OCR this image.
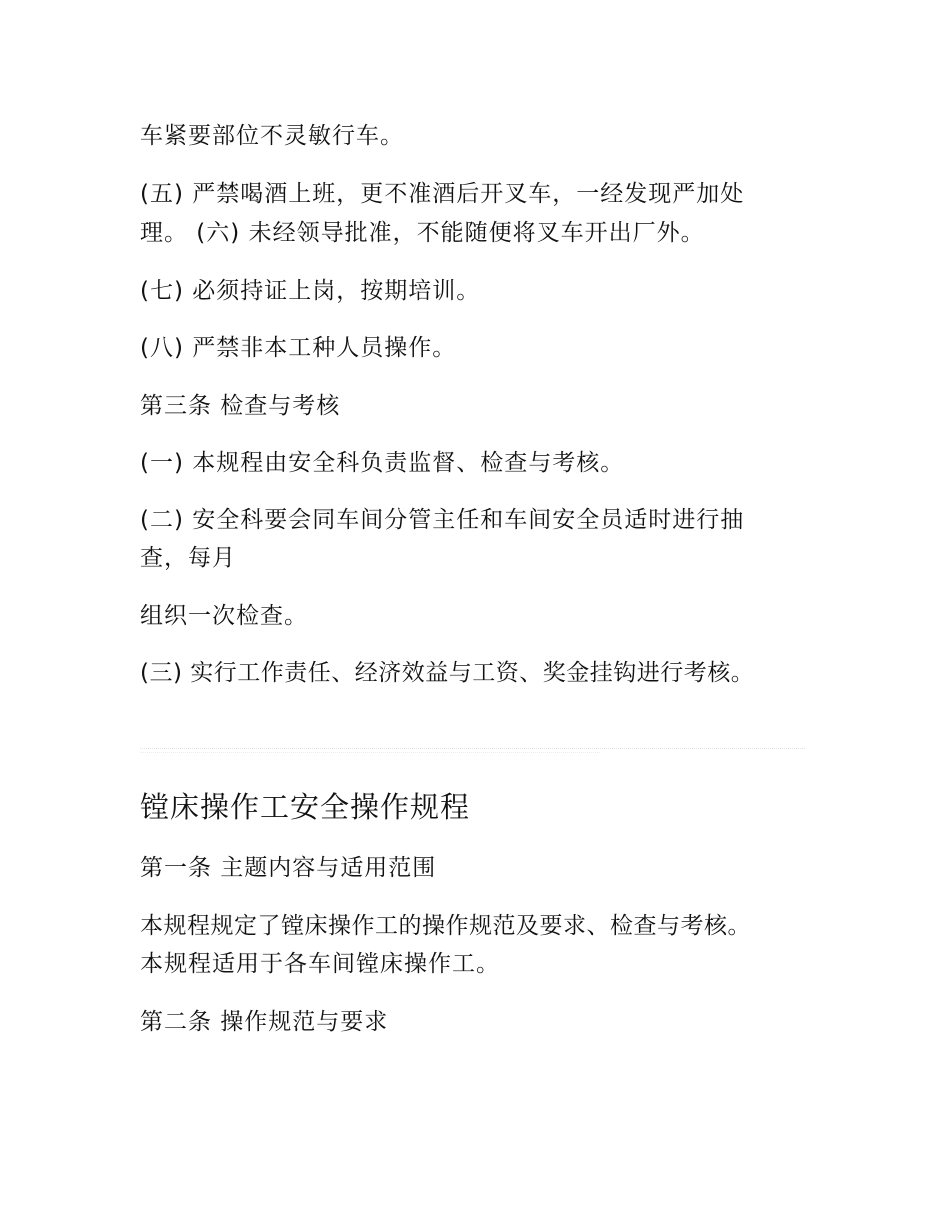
车紧要部位不灵敏行车。
(五) 严禁喝酒上班，更不准酒后开叉车，一经发现严加处
理。 (六) 未经领导批准，不能随便将叉车开出厂外。
(七) 必须持证上岗，按期培训。
(八) 严禁非本工种人员操作。
第三条 检查与考核
(一) 本规程由安全科负责监督、检查与考核。
(二) 安全科要会同车间分管主任和车间安全员适时进行抽
查，每月
组织一次检查。
(三) 实行工作责任、经济效益与工资、奖金挂钩进行考核。
镗床操作工安全操作规程
第一条 主题内容与适用范围
本规程规定了镗床操作工的操作规范及要求、检查与考核。
本规程适用于各车间镗床操作工。
第二条 操作规范与要求
